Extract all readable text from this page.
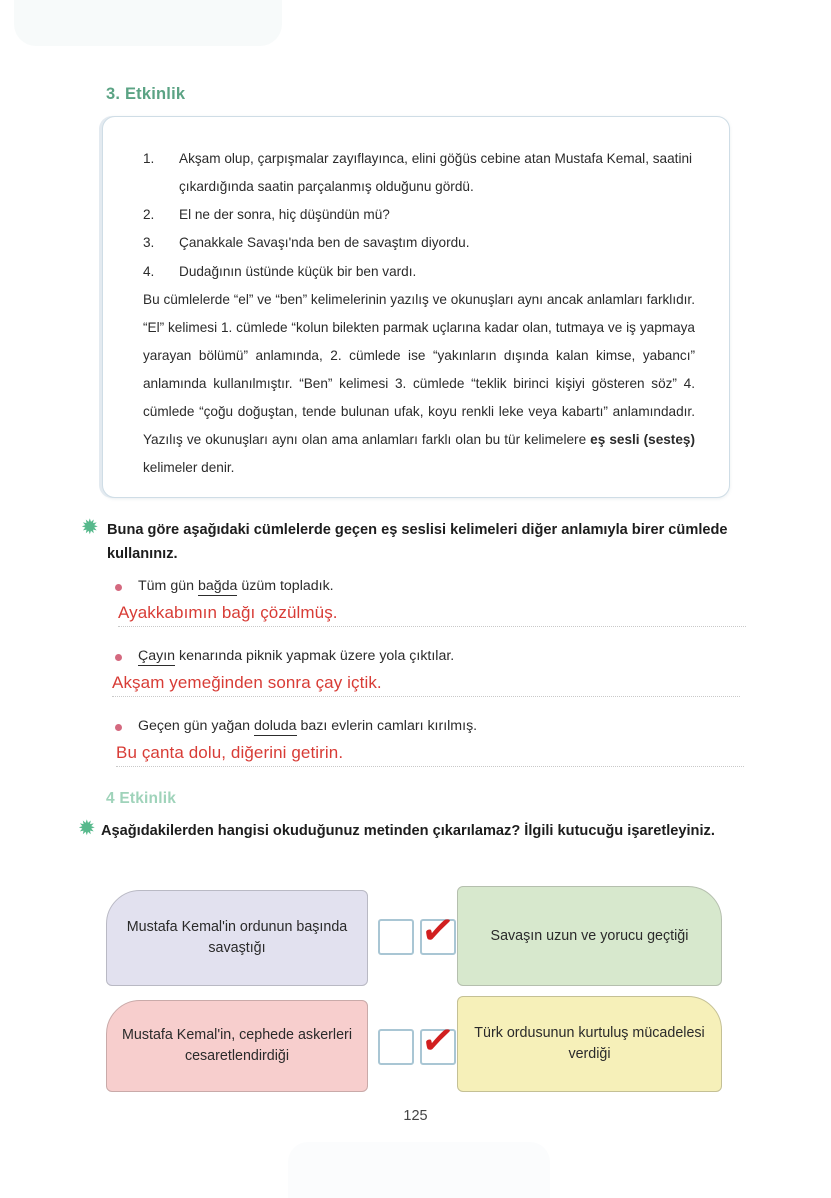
3. Etkinlik
1. Akşam olup, çarpışmalar zayıflayınca, elini göğüs cebine atan Mustafa Kemal, saatini çıkardığında saatin parçalanmış olduğunu gördü.
2. El ne der sonra, hiç düşündün mü?
3. Çanakkale Savaşı'nda ben de savaştım diyordu.
4. Dudağının üstünde küçük bir ben vardı.
Bu cümlelerde “el” ve “ben” kelimelerinin yazılış ve okunuşları aynı ancak anlamları farklıdır. “El” kelimesi 1. cümlede “kolun bilekten parmak uçlarına kadar olan, tutmaya ve iş yapmaya yarayan bölümü” anlamında, 2. cümlede ise “yakınların dışında kalan kimse, yabancı” anlamında kullanılmıştır. “Ben” kelimesi 3. cümlede “teklik birinci kişiyi gösteren söz” 4. cümlede “çoğu doğuştan, tende bulunan ufak, koyu renkli leke veya kabartı” anlamındadır. Yazılış ve okunuşları aynı olan ama anlamları farklı olan bu tür kelimelere eş sesli (sesteş) kelimeler denir.
✹ Buna göre aşağıdaki cümlelerde geçen eş seslisi kelimeleri diğer anlamıyla birer cümlede kullanınız.
Tüm gün bağda üzüm topladık.
Ayakkabımın bağı çözülmüş.
Çayın kenarında piknik yapmak üzere yola çıktılar.
Akşam yemeğinden sonra çay içtik.
Geçen gün yağan doluda bazı evlerin camları kırılmış.
Bu çanta dolu, diğerini getirin.
4 Etkinlik
✹ Aşağıdakilerden hangisi okuduğunuz metinden çıkarılamaz? İlgili kutucuğu işaretleyiniz.
Mustafa Kemal'in ordunun başında savaştığı
Savaşın uzun ve yorucu geçtiği
Mustafa Kemal'in, cephede askerleri cesaretlendirdiği
Türk ordusunun kurtuluş mücadelesi verdiği
✓
✓
125
